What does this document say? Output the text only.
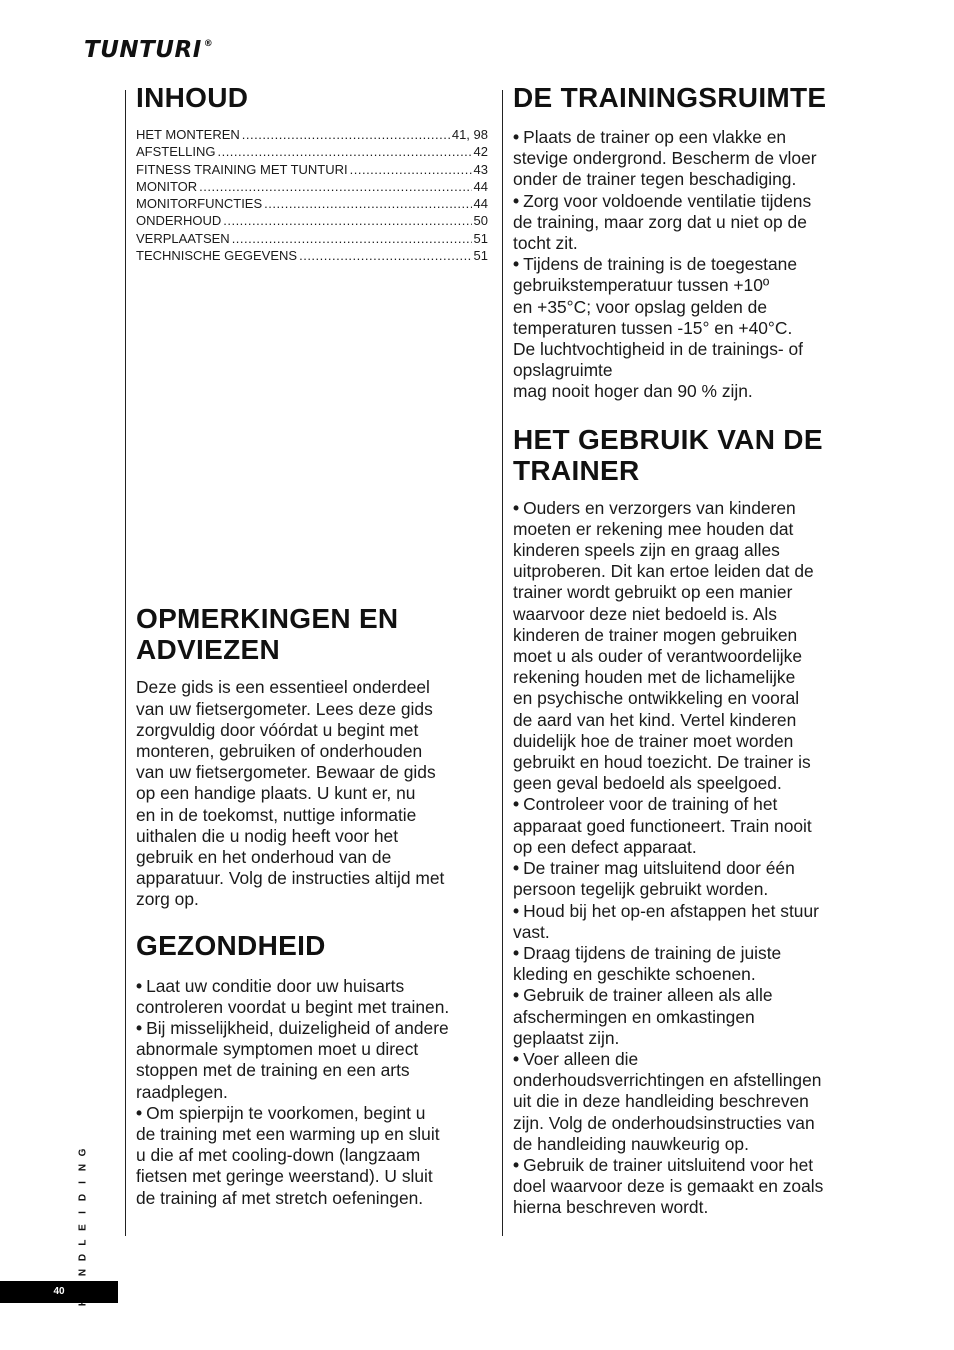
TUNTURI ®
INHOUD
HET MONTEREN .....	41, 98
AFSTELLING .....	42
FITNESS TRAINING MET TUNTURI .....	43
MONITOR .....	44
MONITORFUNCTIES .....	44
ONDERHOUD .....	50
VERPLAATSEN .....	51
TECHNISCHE GEGEVENS .....	51
OPMERKINGEN EN ADVIEZEN

Deze gids is een essentieel onderdeel
van uw fietsergometer. Lees deze gids
zorgvuldig door vóórdat u begint met
monteren, gebruiken of onderhouden
van uw fietsergometer. Bewaar de gids
op een handige plaats. U kunt er, nu
en in de toekomst, nuttige informatie
uithalen die u nodig heeft voor het
gebruik en het onderhoud van de
apparatuur. Volg de instructies altijd met
zorg op.

GEZONDHEID

• Laat uw conditie door uw huisarts
controleren voordat u begint met trainen.

• Bij misselijkheid, duizeligheid of andere
abnormale symptomen moet u direct
stoppen met de training en een arts
raadplegen.

• Om spierpijn te voorkomen, begint u
de training met een warming up en sluit
u die af met cooling-down (langzaam
fietsen met geringe weerstand). U sluit
de training af met stretch oefeningen.

DE TRAININGSRUIMTE

• Plaats de trainer op een vlakke en
stevige ondergrond. Bescherm de vloer
onder de trainer tegen beschadiging.

• Zorg voor voldoende ventilatie tijdens
de training, maar zorg dat u niet op de
tocht zit.

• Tijdens de training is de toegestane
gebruikstemperatuur tussen +10º
en +35°C; voor opslag gelden de
temperaturen tussen -15° en +40°C.
De luchtvochtigheid in de trainings- of
opslagruimte
mag nooit hoger dan 90 % zijn.

HET GEBRUIK VAN DE TRAINER

• Ouders en verzorgers van kinderen
moeten er rekening mee houden dat
kinderen speels zijn en graag alles
uitproberen. Dit kan ertoe leiden dat de
trainer wordt gebruikt op een manier
waarvoor deze niet bedoeld is. Als
kinderen de trainer mogen gebruiken
moet u als ouder of verantwoordelijke
rekening houden met de lichamelijke
en psychische ontwikkeling en vooral
de aard van het kind. Vertel kinderen
duidelijk hoe de trainer moet worden
gebruikt en houd toezicht. De trainer is
geen geval bedoeld als speelgoed.

• Controleer voor de training of het
apparaat goed functioneert. Train nooit
op een defect apparaat.

• De trainer mag uitsluitend door één
persoon tegelijk gebruikt worden.

• Houd bij het op-en afstappen het stuur
vast.

• Draag tijdens de training de juiste
kleding en geschikte schoenen.

• Gebruik de trainer alleen als alle
afschermingen en omkastingen
geplaatst zijn.

• Voer alleen die
onderhoudsverrichtingen en afstellingen
uit die in deze handleiding beschreven
zijn. Volg de onderhoudsinstructies van
de handleiding nauwkeurig op.

• Gebruik de trainer uitsluitend voor het
doel waarvoor deze is gemaakt en zoals
hierna beschreven wordt.

G
N
I
D
I
E
L
D
N
40
